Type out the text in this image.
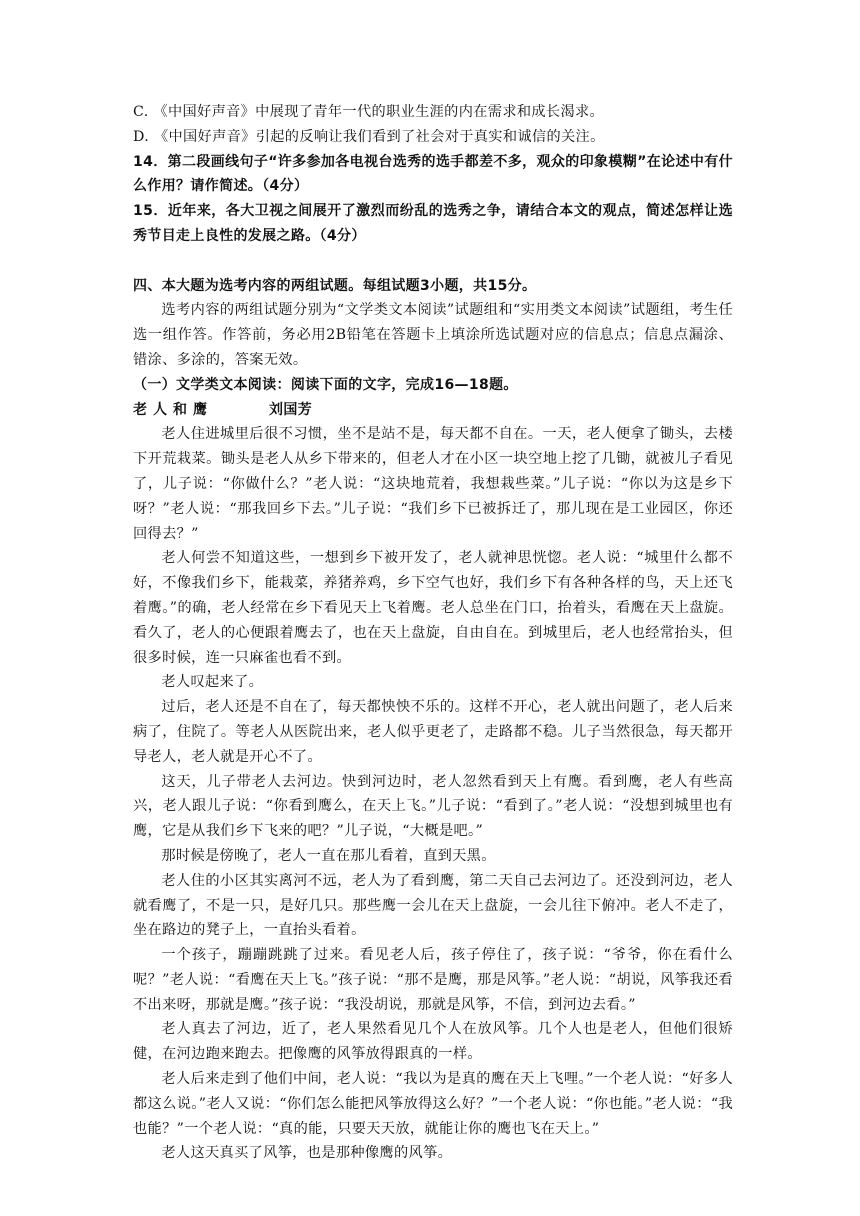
C. 《中国好声音》中展现了青年一代的职业生涯的内在需求和成长渴求。

D. 《中国好声音》引起的反响让我们看到了社会对于真实和诚信的关注。

14．第二段画线句子“许多参加各电视台选秀的选手都差不多，观众的印象模糊”在论述中有什么作用？请作简述。（4分）

15．近年来，各大卫视之间展开了激烈而纷乱的选秀之争，请结合本文的观点，简述怎样让选秀节目走上良性的发展之路。（4分）

四、本大题为选考内容的两组试题。每组试题3小题，共15分。

选考内容的两组试题分别为“文学类文本阅读”试题组和“实用类文本阅读”试题组，考生任选一组作答。作答前，务必用2B铅笔在答题卡上填涂所选试题对应的信息点；信息点漏涂、错涂、多涂的，答案无效。

（一）文学类文本阅读：阅读下面的文字，完成16—18题。

老人和鹰	刘国芳

老人住进城里后很不习惯，坐不是站不是，每天都不自在。一天，老人便拿了锄头，去楼下开荒栽菜。锄头是老人从乡下带来的，但老人才在小区一块空地上挖了几锄，就被儿子看见了，儿子说：“你做什么？”老人说：“这块地荒着，我想栽些菜。”儿子说：“你以为这是乡下呀？”老人说：“那我回乡下去。”儿子说：“我们乡下已被拆迁了，那儿现在是工业园区，你还回得去？”

老人何尝不知道这些，一想到乡下被开发了，老人就神思恍惚。老人说：“城里什么都不好，不像我们乡下，能栽菜，养猪养鸡，乡下空气也好，我们乡下有各种各样的鸟，天上还飞着鹰。”的确，老人经常在乡下看见天上飞着鹰。老人总坐在门口，抬着头，看鹰在天上盘旋。看久了，老人的心便跟着鹰去了，也在天上盘旋，自由自在。到城里后，老人也经常抬头，但很多时候，连一只麻雀也看不到。

老人叹起来了。

过后，老人还是不自在了，每天都怏怏不乐的。这样不开心，老人就出问题了，老人后来病了，住院了。等老人从医院出来，老人似乎更老了，走路都不稳。儿子当然很急，每天都开导老人，老人就是开心不了。

这天，儿子带老人去河边。快到河边时，老人忽然看到天上有鹰。看到鹰，老人有些高兴，老人跟儿子说：“你看到鹰么，在天上飞。”儿子说：“看到了。”老人说：“没想到城里也有鹰，它是从我们乡下飞来的吧？”儿子说，“大概是吧。”

那时候是傍晚了，老人一直在那儿看着，直到天黑。

老人住的小区其实离河不远，老人为了看到鹰，第二天自己去河边了。还没到河边，老人就看鹰了，不是一只，是好几只。那些鹰一会儿在天上盘旋，一会儿往下俯冲。老人不走了，坐在路边的凳子上，一直抬头看着。

一个孩子，蹦蹦跳跳了过来。看见老人后，孩子停住了，孩子说：“爷爷，你在看什么呢？”老人说：“看鹰在天上飞。”孩子说：“那不是鹰，那是风筝。”老人说：“胡说，风筝我还看不出来呀，那就是鹰。”孩子说：“我没胡说，那就是风筝，不信，到河边去看。”

老人真去了河边，近了，老人果然看见几个人在放风筝。几个人也是老人，但他们很矫健，在河边跑来跑去。把像鹰的风筝放得跟真的一样。

老人后来走到了他们中间，老人说：“我以为是真的鹰在天上飞哩。”一个老人说：“好多人都这么说。”老人又说：“你们怎么能把风筝放得这么好？”一个老人说：“你也能。”老人说：“我也能？”一个老人说：“真的能，只要天天放，就能让你的鹰也飞在天上。”

老人这天真买了风筝，也是那种像鹰的风筝。
